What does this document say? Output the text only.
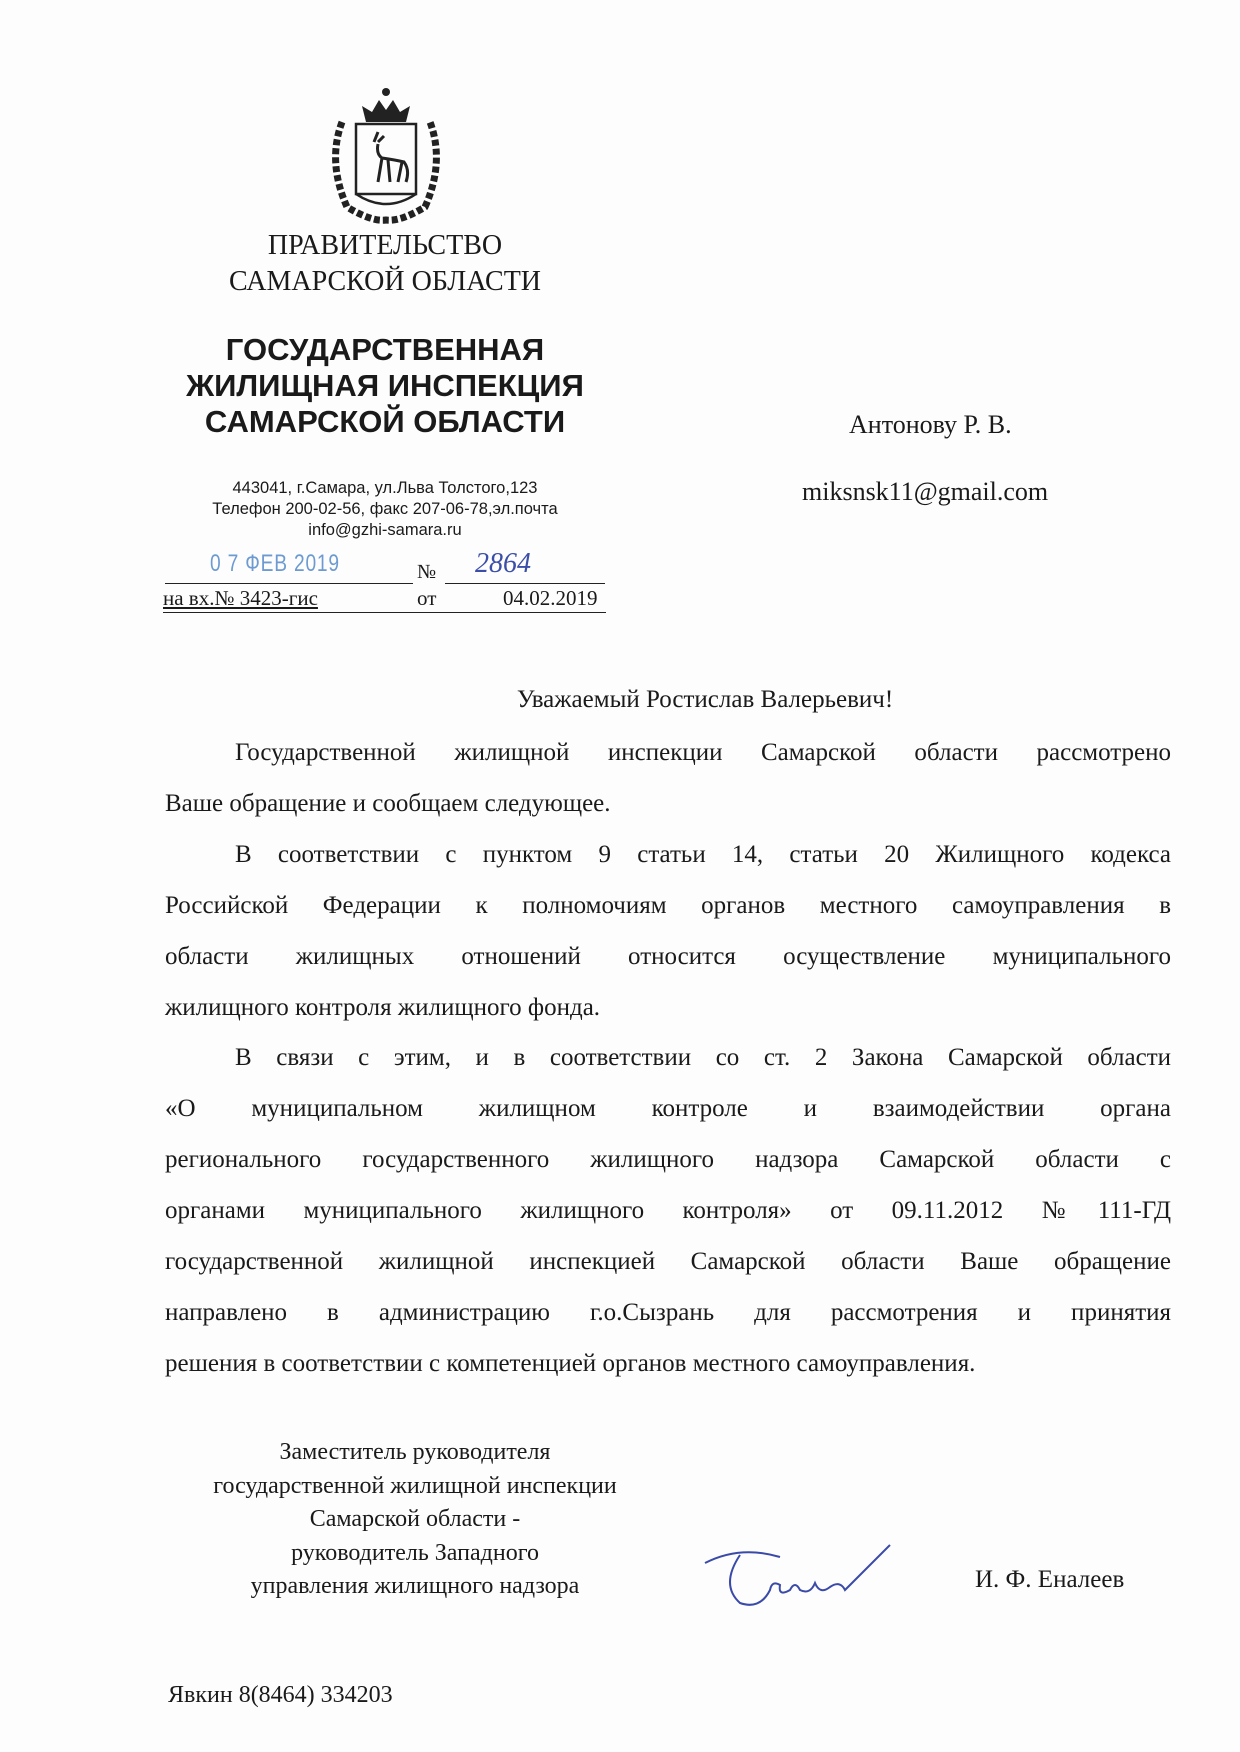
ПРАВИТЕЛЬСТВО
САМАРСКОЙ ОБЛАСТИ
ГОСУДАРСТВЕННАЯ
ЖИЛИЩНАЯ ИНСПЕКЦИЯ
САМАРСКОЙ ОБЛАСТИ
443041, г.Самара, ул.Льва Толстого,123
Телефон 200-02-56, факс 207-06-78,эл.почта
info@gzhi-samara.ru
0 7 ФЕВ 2019	№ 2864
на вх.№ 3423-гис	от	04.02.2019
Антонову Р. В.
miksnsk11@gmail.com
Уважаемый Ростислав Валерьевич!
Государственной жилищной инспекции Самарской области рассмотрено
Ваше обращение и сообщаем следующее.
В соответствии с пунктом 9 статьи 14, статьи 20 Жилищного кодекса
Российской Федерации к полномочиям органов местного самоуправления в
области жилищных отношений относится осуществление муниципального
жилищного контроля жилищного фонда.
В связи с этим, и в соответствии со ст. 2 Закона Самарской области
«О муниципальном жилищном контроле и взаимодействии органа
регионального государственного жилищного надзора Самарской области с
органами муниципального жилищного контроля» от 09.11.2012 №111-ГД
государственной жилищной инспекцией Самарской области Ваше обращение
направлено в администрацию г.о.Сызрань для рассмотрения и принятия
решения в соответствии с компетенцией органов местного самоуправления.
Заместитель руководителя
государственной жилищной инспекции
Самарской области -
руководитель Западного
управления жилищного надзора	И. Ф. Еналеев
Явкин 8(8464) 334203
